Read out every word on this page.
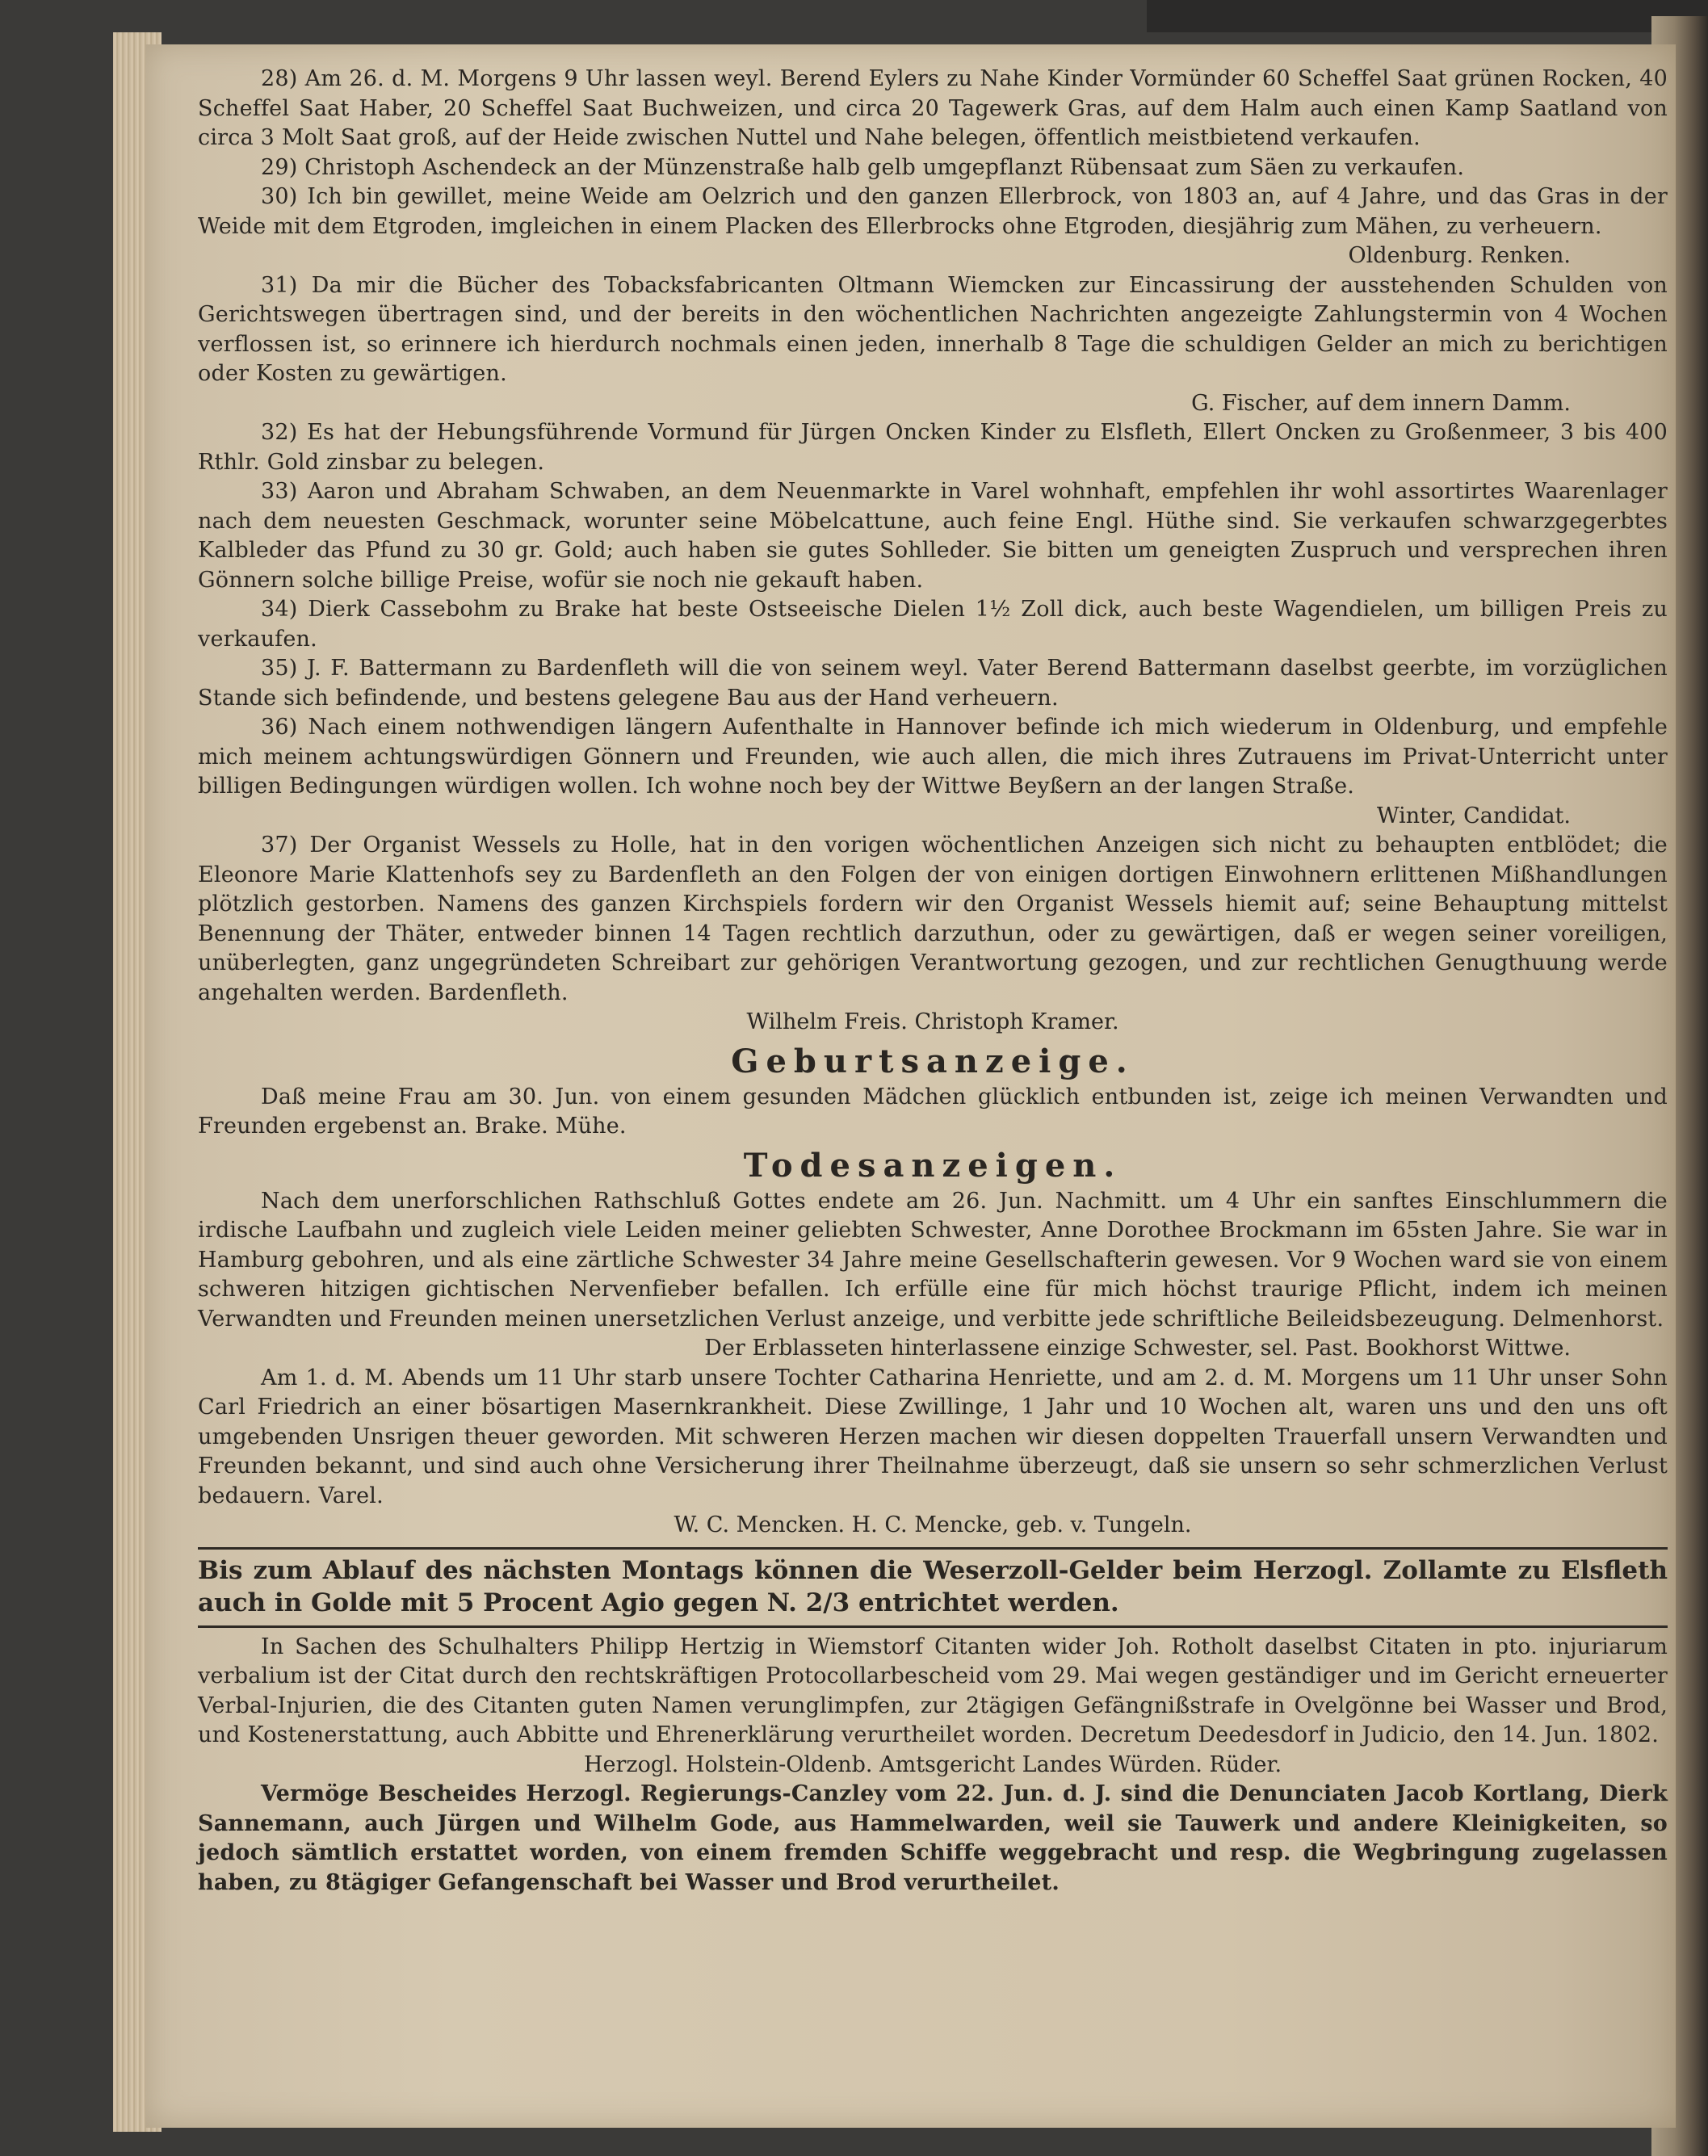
28) Am 26. d. M. Morgens 9 Uhr lassen weyl. Berend Eylers zu Nahe Kinder Vormünder 60 Scheffel Saat grünen Rocken, 40 Scheffel Saat Haber, 20 Scheffel Saat Buchweizen, und circa 20 Tagewerk Gras, auf dem Halm auch einen Kamp Saatland von circa 3 Molt Saat groß, auf der Heide zwischen Nuttel und Nahe belegen, öffentlich meistbietend verkaufen.

29) Christoph Aschendeck an der Münzenstraße halb gelb umgepflanzt Rübensaat zum Säen zu verkaufen.

30) Ich bin gewillet, meine Weide am Oelzrich und den ganzen Ellerbrock, von 1803 an, auf 4 Jahre, und das Gras in der Weide mit dem Etgroden, imgleichen in einem Placken des Ellerbrocks ohne Etgroden, diesjährig zum Mähen, zu verheuern.

Oldenburg. Renken.

31) Da mir die Bücher des Tobacksfabricanten Oltmann Wiemcken zur Eincassirung der ausstehenden Schulden von Gerichtswegen übertragen sind, und der bereits in den wöchentlichen Nachrichten angezeigte Zahlungstermin von 4 Wochen verflossen ist, so erinnere ich hierdurch nochmals einen jeden, innerhalb 8 Tage die schuldigen Gelder an mich zu berichtigen oder Kosten zu gewärtigen.

G. Fischer, auf dem innern Damm.

32) Es hat der Hebungsführende Vormund für Jürgen Oncken Kinder zu Elsfleth, Ellert Oncken zu Großenmeer, 3 bis 400 Rthlr. Gold zinsbar zu belegen.

33) Aaron und Abraham Schwaben, an dem Neuenmarkte in Varel wohnhaft, empfehlen ihr wohl assortirtes Waarenlager nach dem neuesten Geschmack, worunter seine Möbelcattune, auch feine Engl. Hüthe sind. Sie verkaufen schwarzgegerbtes Kalbleder das Pfund zu 30 gr. Gold; auch haben sie gutes Sohlleder. Sie bitten um geneigten Zuspruch und versprechen ihren Gönnern solche billige Preise, wofür sie noch nie gekauft haben.

34) Dierk Cassebohm zu Brake hat beste Ostseeische Dielen 1½ Zoll dick, auch beste Wagendielen, um billigen Preis zu verkaufen.

35) J. F. Battermann zu Bardenfleth will die von seinem weyl. Vater Berend Battermann daselbst geerbte, im vorzüglichen Stande sich befindende, und bestens gelegene Bau aus der Hand verheuern.

36) Nach einem nothwendigen längern Aufenthalte in Hannover befinde ich mich wiederum in Oldenburg, und empfehle mich meinem achtungswürdigen Gönnern und Freunden, wie auch allen, die mich ihres Zutrauens im Privat-Unterricht unter billigen Bedingungen würdigen wollen. Ich wohne noch bey der Wittwe Beyßern an der langen Straße.

Winter, Candidat.

37) Der Organist Wessels zu Holle, hat in den vorigen wöchentlichen Anzeigen sich nicht zu behaupten entblödet; die Eleonore Marie Klattenhofs sey zu Bardenfleth an den Folgen der von einigen dortigen Einwohnern erlittenen Mißhandlungen plötzlich gestorben. Namens des ganzen Kirchspiels fordern wir den Organist Wessels hiemit auf; seine Behauptung mittelst Benennung der Thäter, entweder binnen 14 Tagen rechtlich darzuthun, oder zu gewärtigen, daß er wegen seiner voreiligen, unüberlegten, ganz ungegründeten Schreibart zur gehörigen Verantwortung gezogen, und zur rechtlichen Genugthuung werde angehalten werden. Bardenfleth.

Wilhelm Freis. Christoph Kramer.

Geburtsanzeige.

Daß meine Frau am 30. Jun. von einem gesunden Mädchen glücklich entbunden ist, zeige ich meinen Verwandten und Freunden ergebenst an. Brake. Mühe.

Todesanzeigen.

Nach dem unerforschlichen Rathschluß Gottes endete am 26. Jun. Nachmitt. um 4 Uhr ein sanftes Einschlummern die irdische Laufbahn und zugleich viele Leiden meiner geliebten Schwester, Anne Dorothee Brockmann im 65sten Jahre. Sie war in Hamburg gebohren, und als eine zärtliche Schwester 34 Jahre meine Gesellschafterin gewesen. Vor 9 Wochen ward sie von einem schweren hitzigen gichtischen Nervenfieber befallen. Ich erfülle eine für mich höchst traurige Pflicht, indem ich meinen Verwandten und Freunden meinen unersetzlichen Verlust anzeige, und verbitte jede schriftliche Beileidsbezeugung. Delmenhorst.

Der Erblasseten hinterlassene einzige Schwester, sel. Past. Bookhorst Wittwe.

Am 1. d. M. Abends um 11 Uhr starb unsere Tochter Catharina Henriette, und am 2. d. M. Morgens um 11 Uhr unser Sohn Carl Friedrich an einer bösartigen Masernkrankheit. Diese Zwillinge, 1 Jahr und 10 Wochen alt, waren uns und den uns oft umgebenden Unsrigen theuer geworden. Mit schweren Herzen machen wir diesen doppelten Trauerfall unsern Verwandten und Freunden bekannt, und sind auch ohne Versicherung ihrer Theilnahme überzeugt, daß sie unsern so sehr schmerzlichen Verlust bedauern. Varel.

W. C. Mencken. H. C. Mencke, geb. v. Tungeln.

Bis zum Ablauf des nächsten Montags können die Weserzoll-Gelder beim Herzogl. Zollamte zu Elsfleth auch in Golde mit 5 Procent Agio gegen N. 2/3 entrichtet werden.

In Sachen des Schulhalters Philipp Hertzig in Wiemstorf Citanten wider Joh. Rotholt daselbst Citaten in pto. injuriarum verbalium ist der Citat durch den rechtskräftigen Protocollarbescheid vom 29. Mai wegen geständiger und im Gericht erneuerter Verbal-Injurien, die des Citanten guten Namen verunglimpfen, zur 2tägigen Gefängnißstrafe in Ovelgönne bei Wasser und Brod, und Kostenerstattung, auch Abbitte und Ehrenerklärung verurtheilet worden. Decretum Deedesdorf in Judicio, den 14. Jun. 1802.

Herzogl. Holstein-Oldenb. Amtsgericht Landes Würden. Rüder.

Vermöge Bescheides Herzogl. Regierungs-Canzley vom 22. Jun. d. J. sind die Denunciaten Jacob Kortlang, Dierk Sannemann, auch Jürgen und Wilhelm Gode, aus Hammelwarden, weil sie Tauwerk und andere Kleinigkeiten, so jedoch sämtlich erstattet worden, von einem fremden Schiffe weggebracht und resp. die Wegbringung zugelassen haben, zu 8tägiger Gefangenschaft bei Wasser und Brod verurtheilet.
